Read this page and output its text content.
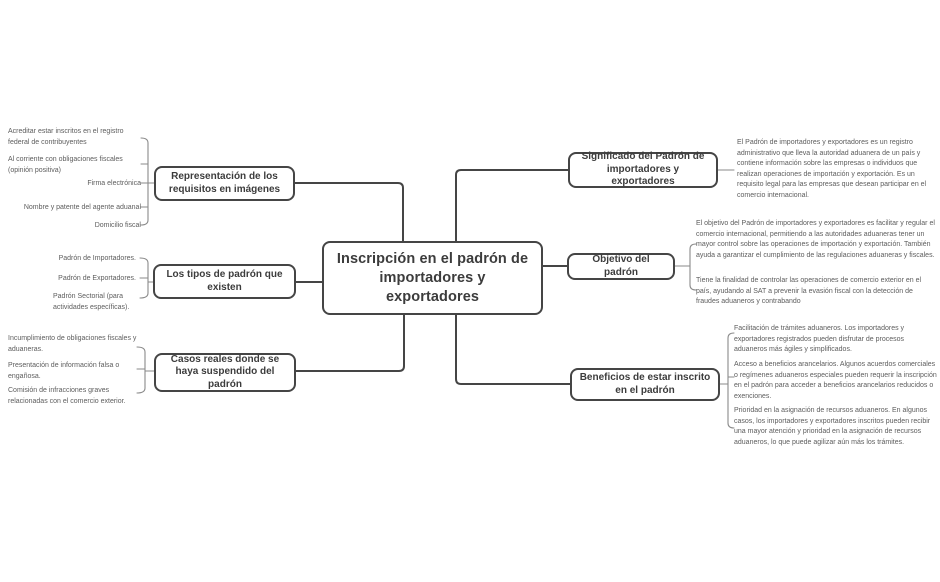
Inscripción en el padrón de importadores y exportadores
Representación de los requisitos en imágenes
Los tipos de padrón que existen
Casos reales donde se haya suspendido del padrón
Significado del Padrón de importadores y exportadores
Objetivo del padrón
Beneficios de estar inscrito en el padrón
Acreditar estar inscritos en el registro federal de contribuyentes
Al corriente con obligaciones fiscales (opinión positiva)
Firma electrónica
Nombre y patente del agente aduanal
Domicilio fiscal
Padrón de Importadores.
Padrón de Exportadores.
Padrón Sectorial (para actividades específicas).
Incumplimiento de obligaciones fiscales y aduaneras.
Presentación de información falsa o engañosa.
Comisión de infracciones graves relacionadas con el comercio exterior.
El Padrón de importadores y exportadores es un registro administrativo que lleva la autoridad aduanera de un país y contiene información sobre las empresas o individuos que realizan operaciones de importación y exportación. Es un requisito legal para las empresas que desean participar en el comercio internacional.
El objetivo del Padrón de importadores y exportadores es facilitar y regular el comercio internacional, permitiendo a las autoridades aduaneras tener un mayor control sobre las operaciones de importación y exportación. También ayuda a garantizar el cumplimiento de las regulaciones aduaneras y fiscales.
Tiene la finalidad de controlar las operaciones de comercio exterior en el país, ayudando al SAT a prevenir la evasión fiscal con la detección de fraudes aduaneros y contrabando
Facilitación de trámites aduaneros. Los importadores y exportadores registrados pueden disfrutar de procesos aduaneros más ágiles y simplificados.
Acceso a beneficios arancelarios. Algunos acuerdos comerciales o regímenes aduaneros especiales pueden requerir la inscripción en el padrón para acceder a beneficios arancelarios reducidos o exenciones.
Prioridad en la asignación de recursos aduaneros. En algunos casos, los importadores y exportadores inscritos pueden recibir una mayor atención y prioridad en la asignación de recursos aduaneros, lo que puede agilizar aún más los trámites.
